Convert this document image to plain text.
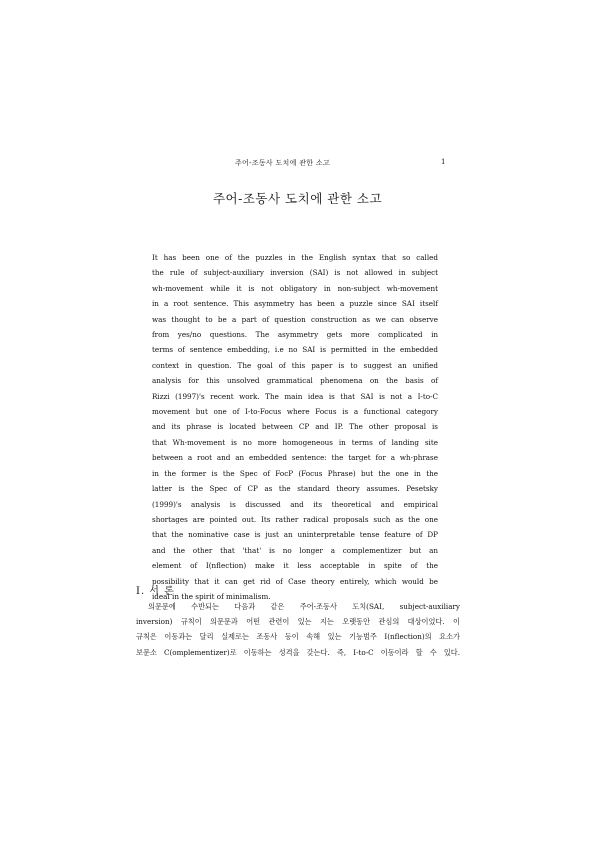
주어-조동사 도치에 관한 소고	1
주어-조동사 도치에 관한 소고

It has been one of the puzzles in the English syntax that so called
the rule of subject-auxiliary inversion (SAI) is not allowed in subject
wh-movement while it is not obligatory in non-subject wh-movement
in a root sentence. This asymmetry has been a puzzle since SAI itself
was thought to be a part of question construction as we can observe
from yes/no questions. The asymmetry gets more complicated in
terms of sentence embedding, i.e no SAI is permitted in the embedded
context in question. The goal of this paper is to suggest an unified
analysis for this unsolved grammatical phenomena on the basis of
Rizzi (1997)'s recent work. The main idea is that SAI is not a I-to-C
movement but one of I-to-Focus where Focus is a functional category
and its phrase is located between CP and IP. The other proposal is
that Wh-movement is no more homogeneous in terms of landing site
between a root and an embedded sentence: the target for a wh-phrase
in the former is the Spec of FocP (Focus Phrase) but the one in the
latter is the Spec of CP as the standard theory assumes. Pesetsky
(1999)'s analysis is discussed and its theoretical and empirical
shortages are pointed out. Its rather radical proposals such as the one
that the nominative case is just an uninterpretable tense feature of DP
and the other that 'that' is no longer a complementizer but an
element of I(nflection) make it less acceptable in spite of the
possibility that it can get rid of Case theory entirely, which would be
ideal in the spirit of minimalism.

Ⅰ. 서 론
의문문에 수반되는 다음과 같은 주어-조동사 도치(SAI, subject-auxiliary
inversion) 규칙이 의문문과 어떤 관련이 있는 지는 오랫동안 관심의 대상이었다. 이
규칙은 이동과는 달리 실제로는 조동사 등이 속해 있는 기능범주 I(nflection)의 요소가
보문소 C(omplementizer)로 이동하는 성격을 갖는다. 즉, I-to-C 이동이라 할 수 있다.
